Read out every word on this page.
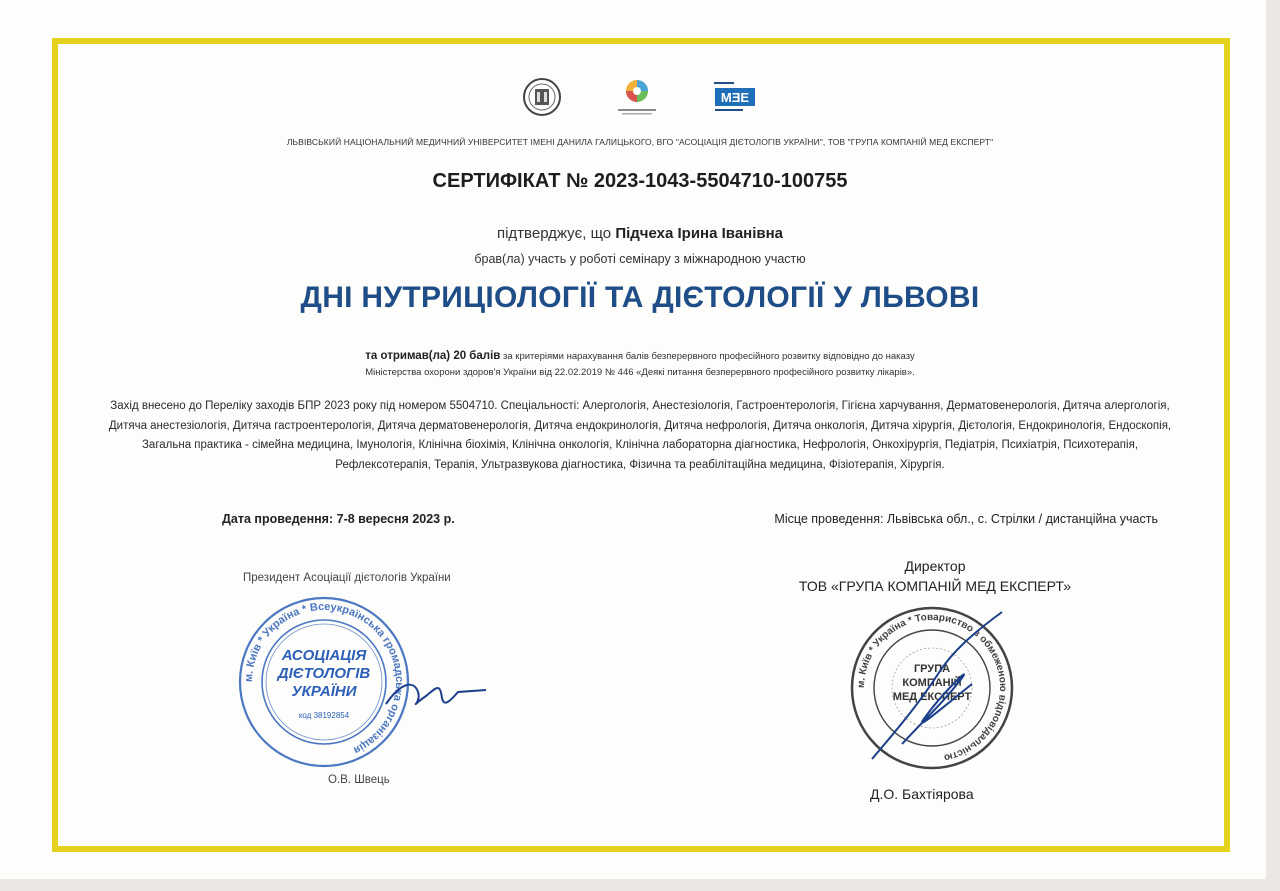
MƎE
ЛЬВІВСЬКИЙ НАЦІОНАЛЬНИЙ МЕДИЧНИЙ УНІВЕРСИТЕТ ІМЕНІ ДАНИЛА ГАЛИЦЬКОГО, ВГО "АСОЦІАЦІЯ ДІЄТОЛОГІВ УКРАЇНИ", ТОВ "ГРУПА КОМПАНІЙ МЕД ЕКСПЕРТ"
СЕРТИФІКАТ № 2023-1043-5504710-100755
підтверджує, що Підчеха Ірина Іванівна
брав(ла) участь у роботі семінару з міжнародною участю
ДНІ НУТРИЦІОЛОГІЇ ТА ДІЄТОЛОГІЇ У ЛЬВОВІ
та отримав(ла) 20 балів за критеріями нарахування балів безперервного професійного розвитку відповідно до наказу
Міністерства охорони здоров'я України від 22.02.2019 № 446 «Деякі питання безперервного професійного розвитку лікарів».
Захід внесено до Переліку заходів БПР 2023 року під номером 5504710. Спеціальності: Алергологія, Анестезіологія, Гастроентерологія, Гігієна харчування, Дерматовенерологія, Дитяча алергологія, Дитяча анестезіологія, Дитяча гастроентерологія, Дитяча дерматовенерологія, Дитяча ендокринологія, Дитяча нефрологія, Дитяча онкологія, Дитяча хірургія, Дієтологія, Ендокринологія, Ендоскопія, Загальна практика - сімейна медицина, Імунологія, Клінічна біохімія, Клінічна онкологія, Клінічна лабораторна діагностика, Нефрологія, Онкохірургія, Педіатрія, Психіатрія, Психотерапія, Рефлексотерапія, Терапія, Ультразвукова діагностика, Фізична та реабілітаційна медицина, Фізіотерапія, Хірургія.
Дата проведення: 7-8 вересня 2023 р.	Місце проведення: Львівська обл., с. Стрілки / дистанційна участь
Президент Асоціації дієтологів України
м. Київ * Україна * Всеукраїнська громадська організація
АСОЦІАЦІЯ
ДІЄТОЛОГІВ
УКРАЇНИ
код 38192854
О.В. Швець
Директор
ТОВ «ГРУПА КОМПАНІЙ МЕД ЕКСПЕРТ»
м. Київ * Україна * Товариство з обмеженою відповідальністю
ГРУПА
КОМПАНІЙ
МЕД ЕКСПЕРТ
Д.О. Бахтіярова
